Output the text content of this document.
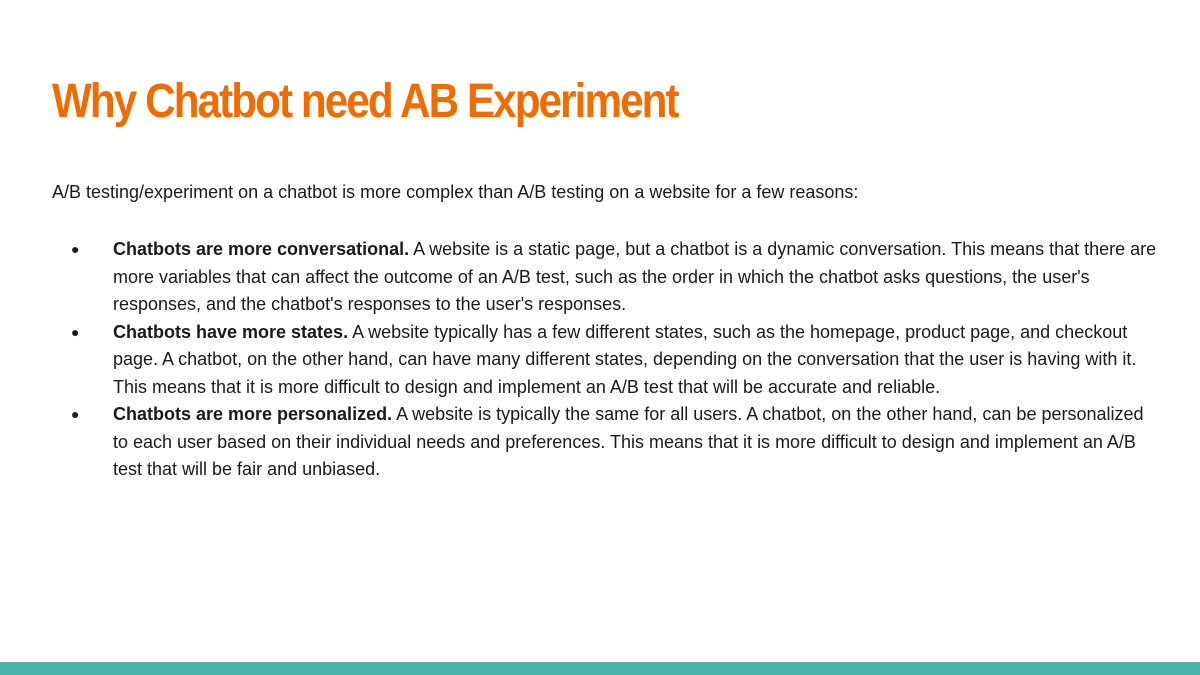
Why Chatbot need AB Experiment

A/B testing/experiment on a chatbot is more complex than A/B testing on a website for a few reasons:

● Chatbots are more conversational. A website is a static page, but a chatbot is a dynamic conversation. This means that there are more variables that can affect the outcome of an A/B test, such as the order in which the chatbot asks questions, the user's responses, and the chatbot's responses to the user's responses.
● Chatbots have more states. A website typically has a few different states, such as the homepage, product page, and checkout page. A chatbot, on the other hand, can have many different states, depending on the conversation that the user is having with it. This means that it is more difficult to design and implement an A/B test that will be accurate and reliable.
● Chatbots are more personalized. A website is typically the same for all users. A chatbot, on the other hand, can be personalized to each user based on their individual needs and preferences. This means that it is more difficult to design and implement an A/B test that will be fair and unbiased.
